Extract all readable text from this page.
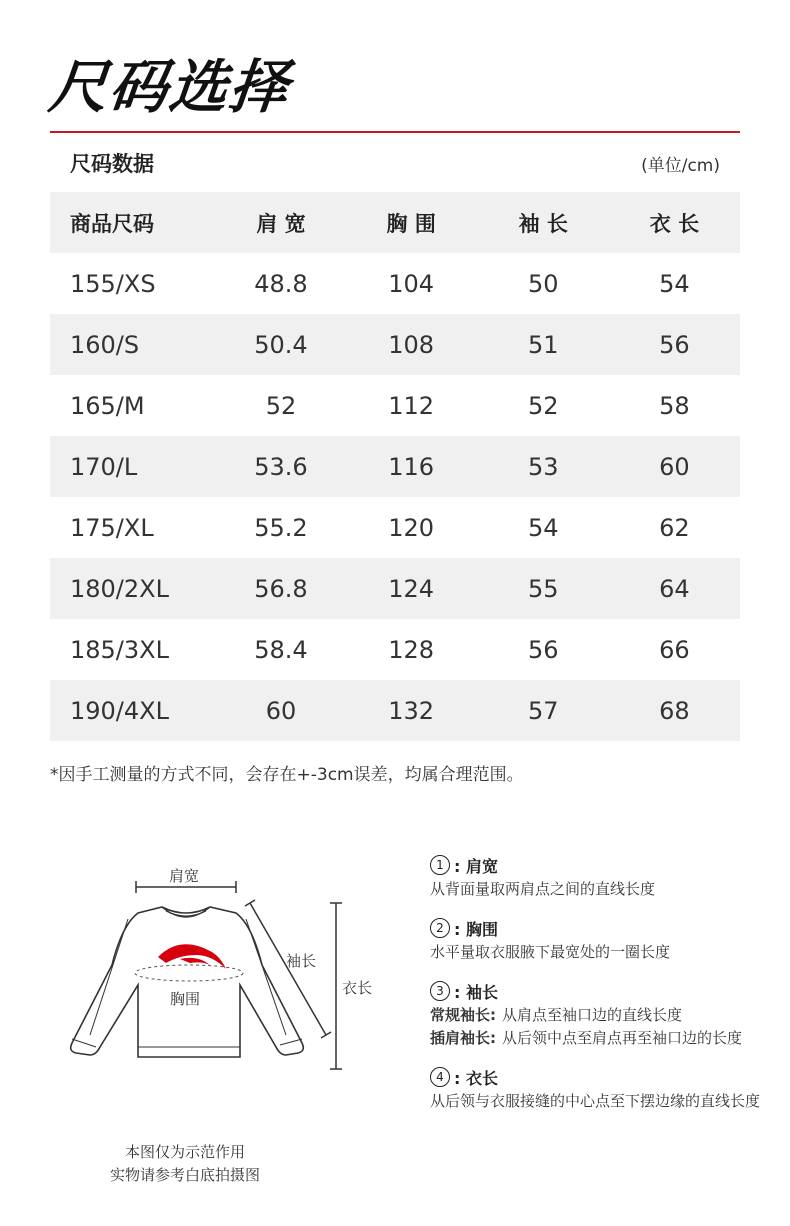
尺码选择
尺码数据	(单位/cm)
商品尺码	肩 宽	胸 围	袖 长	衣 长
155/XS	48.8	104	50	54
160/S	50.4	108	51	56
165/M	52	112	52	58
170/L	53.6	116	53	60
175/XL	55.2	120	54	62
180/2XL	56.8	124	55	64
185/3XL	58.4	128	56	66
190/4XL	60	132	57	68
*因手工测量的方式不同，会存在+-3cm误差，均属合理范围。
肩宽
袖长
胸围
衣长
本图仅为示范作用
实物请参考白底拍摄图
1 : 肩宽
从背面量取两肩点之间的直线长度
2 : 胸围
水平量取衣服腋下最宽处的一圈长度
3 : 袖长
常规袖长: 从肩点至袖口边的直线长度
插肩袖长: 从后领中点至肩点再至袖口边的长度
4 : 衣长
从后领与衣服接缝的中心点至下摆边缘的直线长度
